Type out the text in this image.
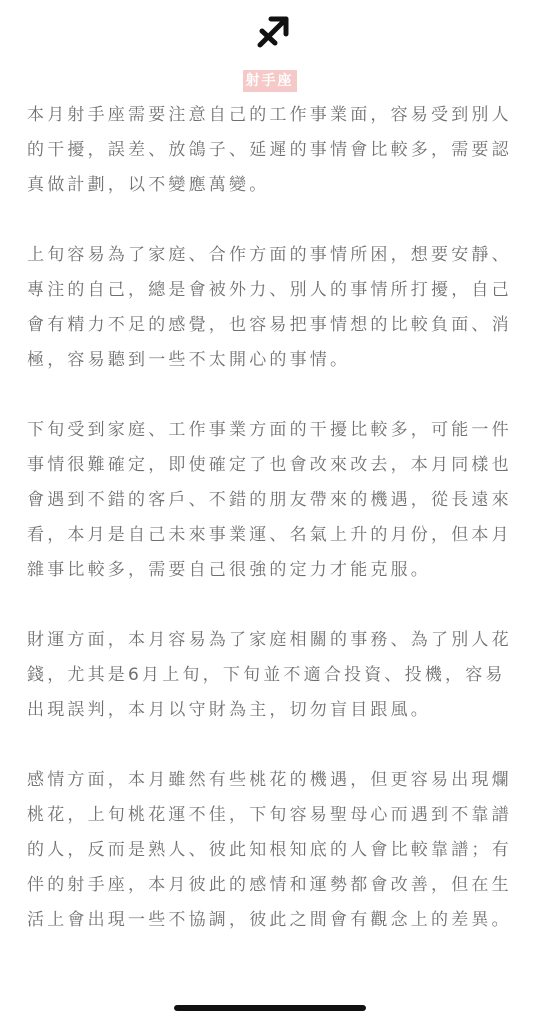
射手座

本月射手座需要注意自己的工作事業面，容易受到別人的干擾，誤差、放鴿子、延遲的事情會比較多，需要認真做計劃，以不變應萬變。

上旬容易為了家庭、合作方面的事情所困，想要安靜、專注的自己，總是會被外力、別人的事情所打擾，自己會有精力不足的感覺，也容易把事情想的比較負面、消極，容易聽到一些不太開心的事情。

下旬受到家庭、工作事業方面的干擾比較多，可能一件事情很難確定，即使確定了也會改來改去，本月同樣也會遇到不錯的客戶、不錯的朋友帶來的機遇，從長遠來看，本月是自己未來事業運、名氣上升的月份，但本月雜事比較多，需要自己很強的定力才能克服。

財運方面，本月容易為了家庭相關的事務、為了別人花錢，尤其是6月上旬，下旬並不適合投資、投機，容易出現誤判，本月以守財為主，切勿盲目跟風。

感情方面，本月雖然有些桃花的機遇，但更容易出現爛桃花，上旬桃花運不佳，下旬容易聖母心而遇到不靠譜的人，反而是熟人、彼此知根知底的人會比較靠譜；有伴的射手座，本月彼此的感情和運勢都會改善，但在生活上會出現一些不協調，彼此之間會有觀念上的差異。
